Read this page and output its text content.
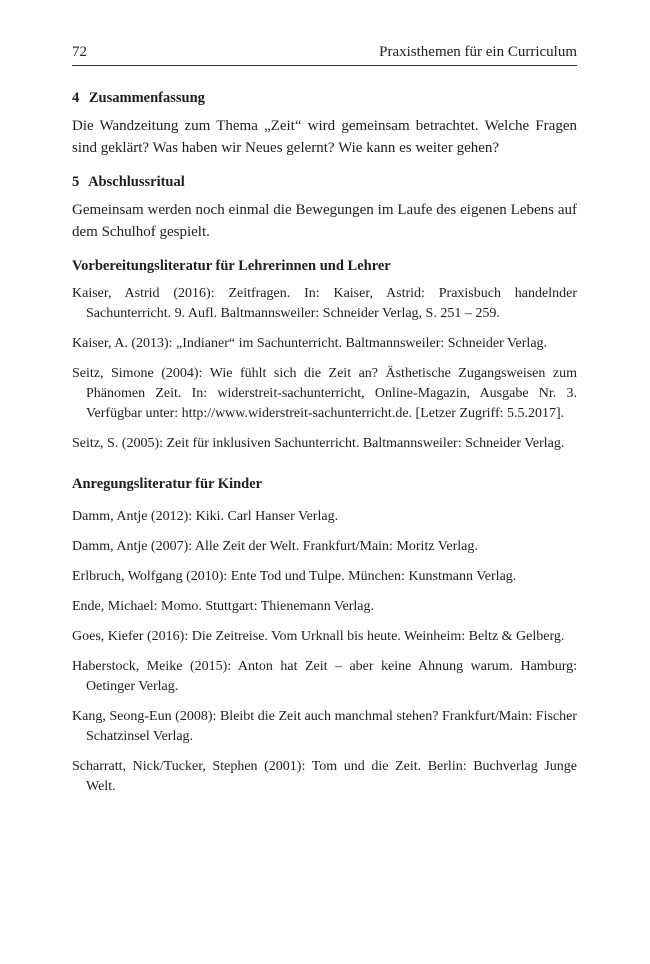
72	Praxisthemen für ein Curriculum
4 Zusammenfassung

Die Wandzeitung zum Thema „Zeit“ wird gemeinsam betrachtet. Welche Fragen sind geklärt? Was haben wir Neues gelernt? Wie kann es weiter gehen?

5 Abschlussritual

Gemeinsam werden noch einmal die Bewegungen im Laufe des eigenen Lebens auf dem Schulhof gespielt.

Vorbereitungsliteratur für Lehrerinnen und Lehrer
Kaiser, Astrid (2016): Zeitfragen. In: Kaiser, Astrid: Praxisbuch handelnder Sachunterricht. 9. Aufl. Baltmannsweiler: Schneider Verlag, S. 251 – 259.
Kaiser, A. (2013): „Indianer“ im Sachunterricht. Baltmannsweiler: Schneider Verlag.
Seitz, Simone (2004): Wie fühlt sich die Zeit an? Ästhetische Zugangsweisen zum Phänomen Zeit. In: widerstreit-sachunterricht, Online-Magazin, Ausgabe Nr. 3. Verfügbar unter: http://www.widerstreit-sachunterricht.de. [Letzer Zugriff: 5.5.2017].
Seitz, S. (2005): Zeit für inklusiven Sachunterricht. Baltmannsweiler: Schneider Verlag.
Anregungsliteratur für Kinder
Damm, Antje (2012): Kiki. Carl Hanser Verlag.
Damm, Antje (2007): Alle Zeit der Welt. Frankfurt/Main: Moritz Verlag.
Erlbruch, Wolfgang (2010): Ente Tod und Tulpe. München: Kunstmann Verlag.
Ende, Michael: Momo. Stuttgart: Thienemann Verlag.
Goes, Kiefer (2016): Die Zeitreise. Vom Urknall bis heute. Weinheim: Beltz & Gelberg.
Haberstock, Meike (2015): Anton hat Zeit – aber keine Ahnung warum. Hamburg: Oetinger Verlag.
Kang, Seong-Eun (2008): Bleibt die Zeit auch manchmal stehen? Frankfurt/Main: Fischer Schatzinsel Verlag.
Scharratt, Nick/Tucker, Stephen (2001): Tom und die Zeit. Berlin: Buchverlag Junge Welt.
